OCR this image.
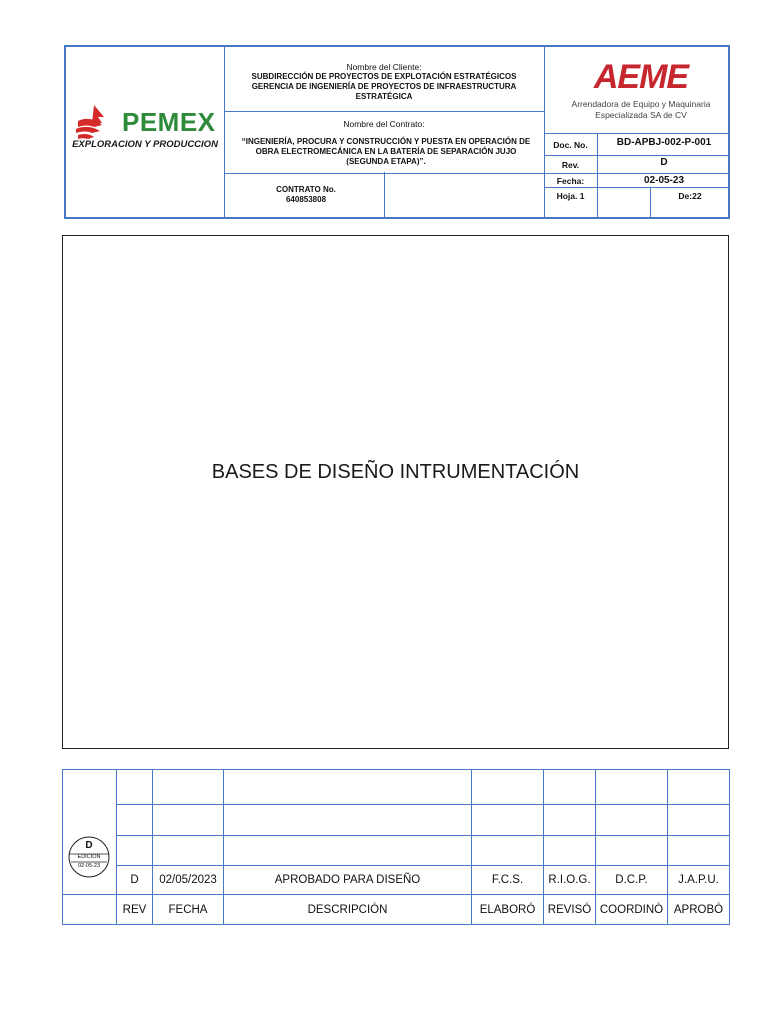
PEMEX
EXPLORACION Y PRODUCCION
Nombre del Cliente:
SUBDIRECCIÓN DE PROYECTOS DE EXPLOTACIÓN ESTRATÉGICOS GERENCIA DE INGENIERÍA DE PROYECTOS DE INFRAESTRUCTURA ESTRATÉGICA
Nombre del Contrato:
“INGENIERÍA, PROCURA Y CONSTRUCCIÓN Y PUESTA EN OPERACIÓN DE OBRA ELECTROMECÁNICA EN LA BATERÍA DE SEPARACIÓN JUJO (SEGUNDA ETAPA)”.
CONTRATO No.
640853808
AEME
Arrendadora de Equipo y Maquinaria
Especializada SA de CV
Doc. No.	BD-APBJ-002-P-001
Rev.	D
Fecha:	02-05-23
Hoja. 1	De:22
BASES DE DISEÑO INTRUMENTACIÓN
D
EDICION
02-05-23
D	02/05/2023	APROBADO PARA DISEÑO	F.C.S.	R.I.O.G.	D.C.P.	J.A.P.U.
REV	FECHA	DESCRIPCIÓN	ELABORÓ	REVISÓ COORDINÓ APROBÓ
